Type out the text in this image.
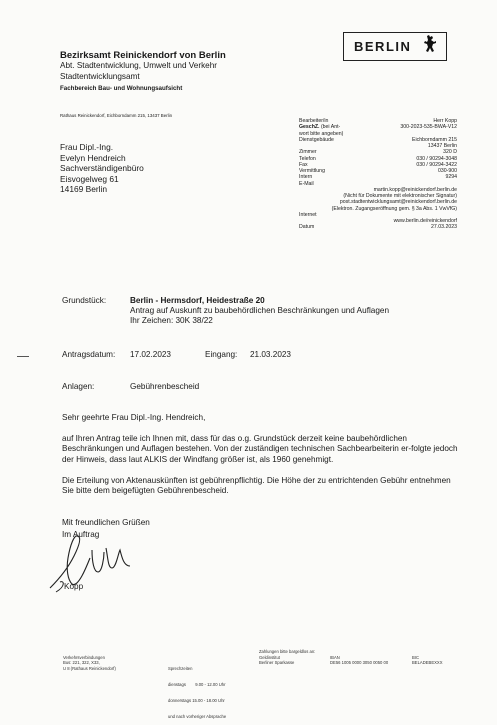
Bezirksamt Reinickendorf von Berlin
Abt. Stadtentwicklung, Umwelt und Verkehr
Stadtentwicklungsamt
Fachbereich Bau- und Wohnungsaufsicht
BERLIN
Rathaus Reinickendorf, Eichborndamm 215, 13437 Berlin
Frau Dipl.-Ing.
Evelyn Hendreich
Sachverständigenbüro
Eisvogelweg 61
14169 Berlin
Bearbeiter/in	Herr Kopp
GeschZ. (bei Ant-
wort bitte angeben)
300-2023-535-BWA-V12
Dienstgebäude	Eichborndamm 215
13437 Berlin
Zimmer	320 D
Telefon	030 / 90294-3048
Fax	030 / 90294-3422
Vermittlung	030-900
Intern	9294
E-Mail
martin.kopp@reinickendorf.berlin.de
(Nicht für Dokumente mit elektronischer Signatur)
post.stadtentwicklungsamt@reinickendorf.berlin.de
(Elektron. Zugangseröffnung gem. § 3a Abs. 1 VwVfG)
Internet
www.berlin.de/reinickendorf
Datum	27.03.2023
Grundstück:	Berlin - Hermsdorf, Heidestraße 20
Antrag auf Auskunft zu baubehördlichen Beschränkungen und Auflagen
Ihr Zeichen: 30K 38/22
Antragsdatum: 17.02.2023	Eingang: 21.03.2023
Anlagen:	Gebührenbescheid
Sehr geehrte Frau Dipl.-Ing. Hendreich,
auf Ihren Antrag teile ich Ihnen mit, dass für das o.g. Grundstück derzeit keine baubehördlichen Beschränkungen und Auflagen bestehen. Von der zuständigen technischen Sachbearbeiterin er-folgte jedoch der Hinweis, dass laut ALKIS der Windfang größer ist, als 1960 genehmigt.
Die Erteilung von Aktenauskünften ist gebührenpflichtig. Die Höhe der zu entrichtenden Gebühr entnehmen Sie bitte dem beigefügten Gebührenbescheid.
Mit freundlichen Grüßen
Im Auftrag
Kopp
Verkehrsverbindungen
Bus: 221, 322, X33,
U 8 (Rathaus Reinickendorf)

	Sprechzeiten

dienstags        9.00 - 12.00 Uhr

donnerstags 15.00 - 18.00 Uhr

und nach vorheriger Absprache

Zahlungen bitte bargeldlos an:
Geldinstitut
Berliner Sparkasse
IBAN
DE56 1005 0000 3050 0050 00
BIC
BELADEBEXXX
